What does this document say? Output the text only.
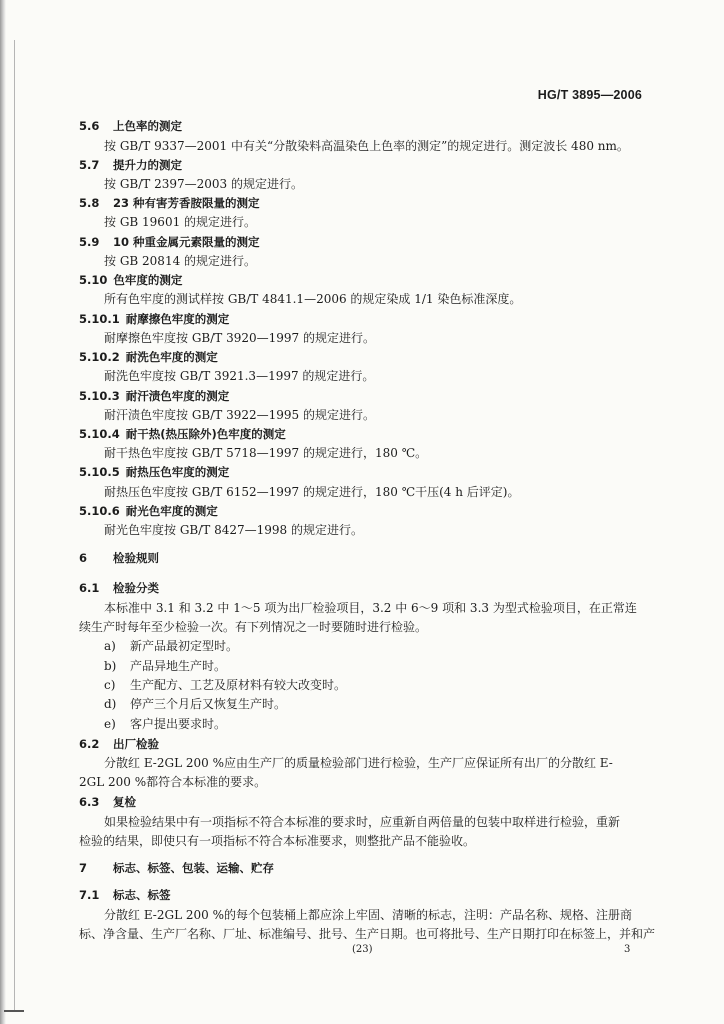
HG/T 3895—2006
5.6 上色率的测定
按 GB/T 9337—2001 中有关“分散染料高温染色上色率的测定”的规定进行。测定波长 480 nm。
5.7 提升力的测定
按 GB/T 2397—2003 的规定进行。
5.8 23 种有害芳香胺限量的测定
按 GB 19601 的规定进行。
5.9 10 种重金属元素限量的测定
按 GB 20814 的规定进行。
5.10 色牢度的测定
所有色牢度的测试样按 GB/T 4841.1—2006 的规定染成 1/1 染色标准深度。
5.10.1 耐摩擦色牢度的测定
耐摩擦色牢度按 GB/T 3920—1997 的规定进行。
5.10.2 耐洗色牢度的测定
耐洗色牢度按 GB/T 3921.3—1997 的规定进行。
5.10.3 耐汗渍色牢度的测定
耐汗渍色牢度按 GB/T 3922—1995 的规定进行。
5.10.4 耐干热(热压除外)色牢度的测定
耐干热色牢度按 GB/T 5718—1997 的规定进行，180 ℃。
5.10.5 耐热压色牢度的测定
耐热压色牢度按 GB/T 6152—1997 的规定进行，180 ℃干压(4 h 后评定)。
5.10.6 耐光色牢度的测定
耐光色牢度按 GB/T 8427—1998 的规定进行。
6 检验规则
6.1 检验分类
本标准中 3.1 和 3.2 中 1～5 项为出厂检验项目，3.2 中 6～9 项和 3.3 为型式检验项目，在正常连
续生产时每年至少检验一次。有下列情况之一时要随时进行检验。
a) 新产品最初定型时。
b) 产品异地生产时。
c) 生产配方、工艺及原材料有较大改变时。
d) 停产三个月后又恢复生产时。
e) 客户提出要求时。
6.2 出厂检验
分散红 E-2GL 200 %应由生产厂的质量检验部门进行检验，生产厂应保证所有出厂的分散红 E-
2GL 200 %都符合本标准的要求。
6.3 复检
如果检验结果中有一项指标不符合本标准的要求时，应重新自两倍量的包装中取样进行检验，重新
检验的结果，即使只有一项指标不符合本标准要求，则整批产品不能验收。
7 标志、标签、包装、运输、贮存
7.1 标志、标签
分散红 E-2GL 200 %的每个包装桶上都应涂上牢固、清晰的标志，注明：产品名称、规格、注册商
标、净含量、生产厂名称、厂址、标准编号、批号、生产日期。也可将批号、生产日期打印在标签上，并和产
(23)	3
